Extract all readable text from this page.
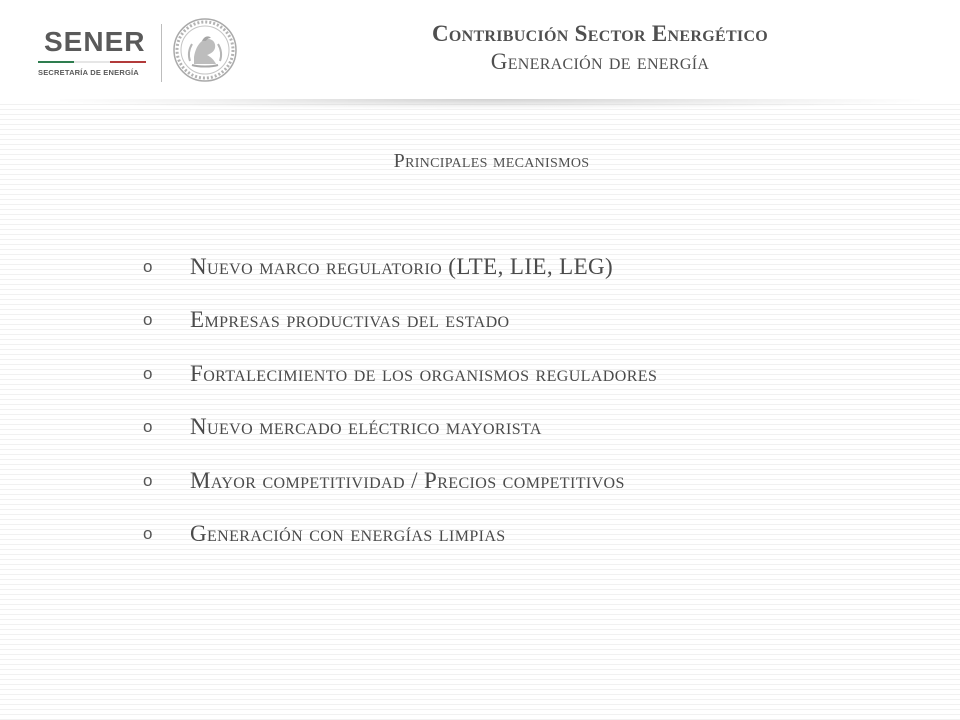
SENER
SECRETARÍA DE ENERGÍA
Contribución Sector Energético
Generación de energía
Principales mecanismos
o	Nuevo marco regulatorio (LTE, LIE, LEG)
o	Empresas productivas del estado
o	Fortalecimiento de los organismos reguladores
o	Nuevo mercado eléctrico mayorista
o	Mayor competitividad / Precios competitivos
o	Generación con energías limpias
